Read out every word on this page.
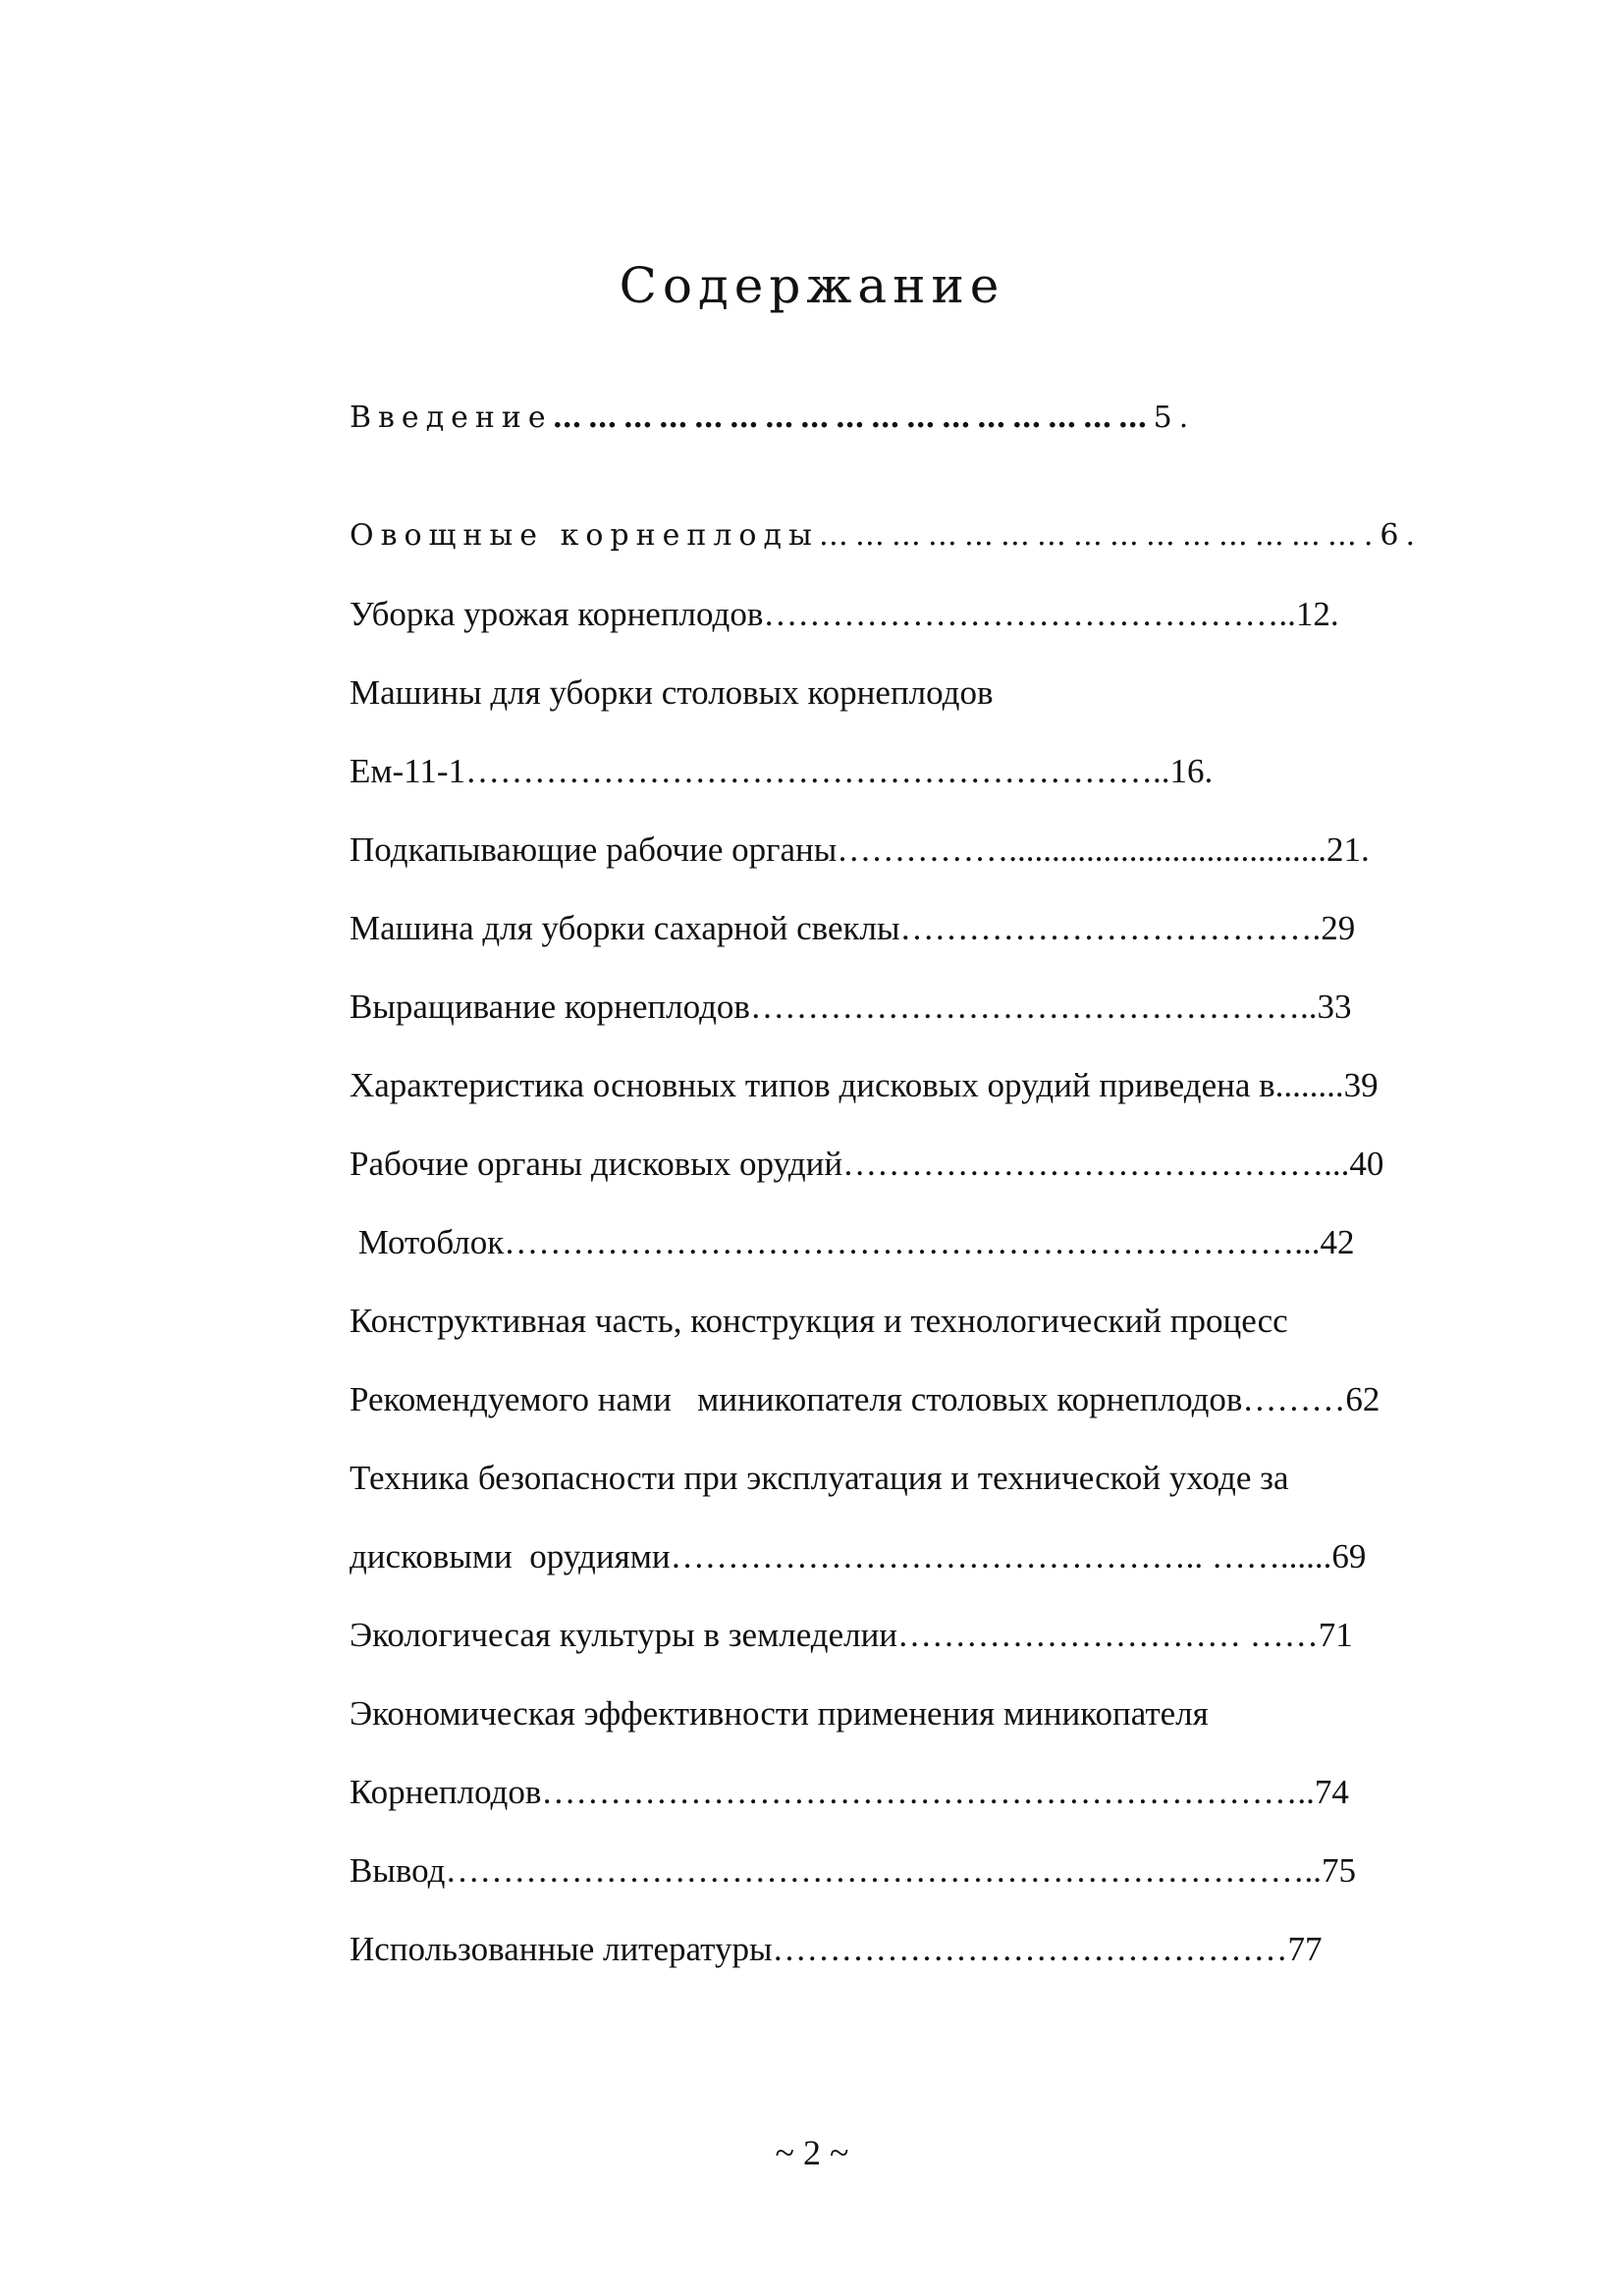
Содержание
Введение……………………………………………5.
Овощные корнеплоды……………………………………….6.
Уборка урожая корнеплодов………………………………………..12.
Машины для уборки столовых корнеплодов
Ем-11-1……………………………………………………..16.
Подкапывающие рабочие органы…………….....................................21.
Машина для уборки сахарной свеклы……………………………….29
Выращивание корнеплодов…………………………………………..33
Характеристика основных типов дисковых орудий приведена в........39
Рабочие органы дисковых орудий……………………………………...40
Мотоблок……………………………………………………………...42
Конструктивная часть, конструкция и технологический процесс
Рекомендуемого нами   миникопателя столовых корнеплодов………62
Техника безопасности при эксплуатация и технической уходе за
дисковыми  орудиями……………………………………….. ……......69
Экологичесая культуры в земледелии………………………… ……71
Экономическая эффективности применения миникопателя
Корнеплодов…………………………………………………………..74
Вывод…………………………………………………………………..75
Использованные литературы………………………………………77
~ 2 ~
